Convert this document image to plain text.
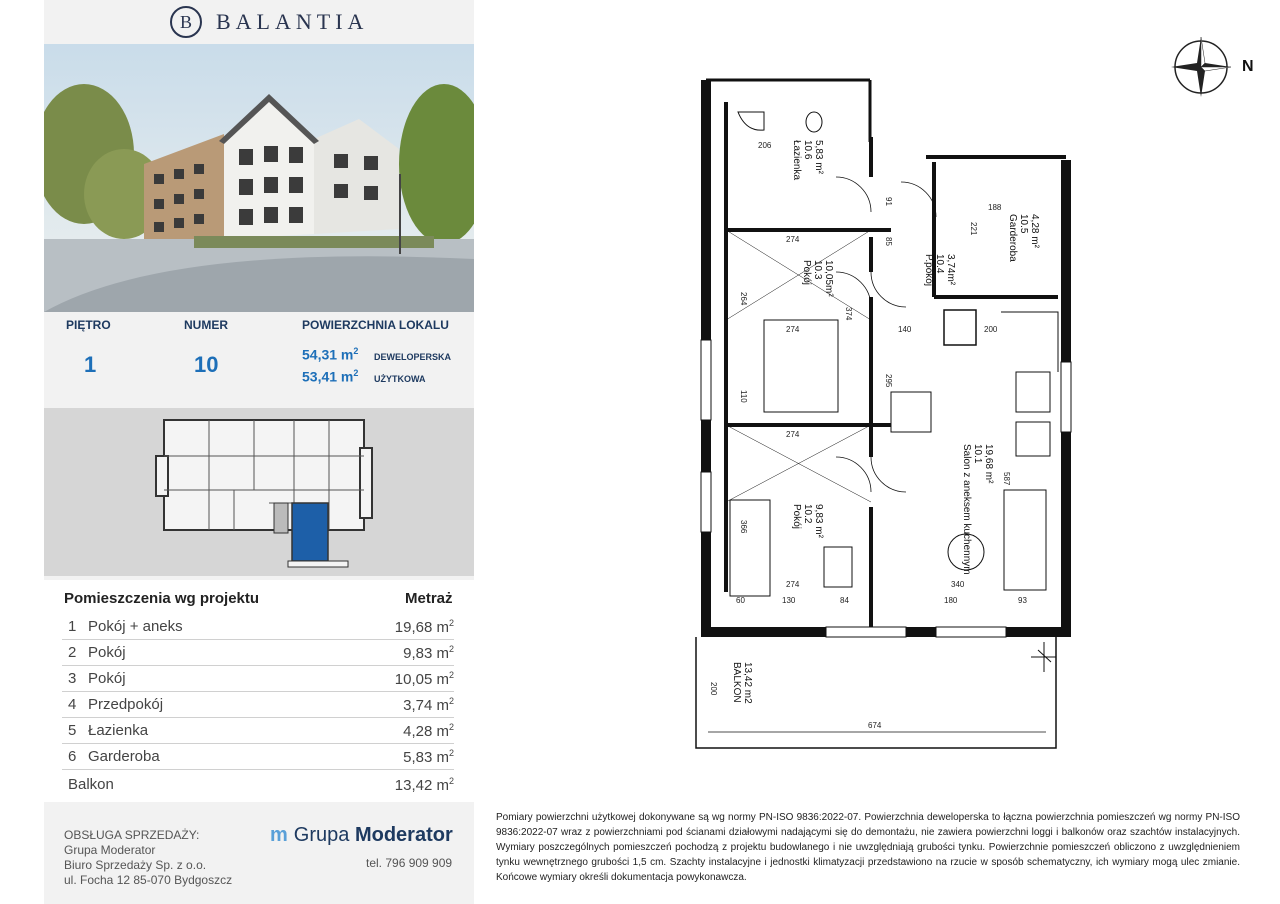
B	BALANTIA
PIĘTRO	NUMER	POWIERZCHNIA LOKALU
1	10	54,31 $m^2$
DEWELOPERSKA
53,41 $m^2$
UŻYTKOWA
Pomieszczenia wg projektu	Metraż
1 Pokój + aneks	19,68 $m^2$
2 Pokój	9,83 $m^2$
3 Pokój	10,05 $m^2$
4 Przedpokój	3,74 $m^2$
5 Łazienka	4,28 $m^2$
6 Garderoba	5,83 $m^2$
Balkon	13,42 $m^2$
OBSŁUGA SPRZEDAŻY:
Grupa Moderator
Biuro Sprzedaży Sp. z o.o.
ul. Focha 12 85-070 Bydgoszcz
m Grupa Moderator
tel. 796 909 909
N
Łazienka 10.6 5,83 m²
Garderoba 10.5 4,28 m²
Pokój 10.3 10,05m²	P.pokój 10.4 3,74m²
Salon z aneksem kuchennym 10.1 19,68 m²
Pokój 10.2 9,83 m²
BALKON 13,42 m2
274
274
274
274
140	200
188
340
180	93
60	130	84
674
206
587
366
264
374
91
85
295
110
221
200
Pomiary powierzchni użytkowej dokonywane są wg normy PN-ISO 9836:2022-07. Powierzchnia deweloperska to łączna powierzchnia pomieszczeń wg normy PN-ISO 9836:2022-07 wraz z powierzchniami pod ścianami działowymi nadającymi się do demontażu, nie zawiera powierzchni loggi i balkonów oraz szachtów instalacyjnych. Wymiary poszczególnych pomieszczeń pochodzą z projektu budowlanego i nie uwzględniają grubości tynku. Powierzchnie pomieszczeń obliczono z uwzględnieniem tynku wewnętrznego grubości 1,5 cm. Szachty instalacyjne i jednostki klimatyzacji przedstawiono na rzucie w sposób schematyczny, ich wymiary mogą ulec zmianie. Końcowe wymiary określi dokumentacja powykonawcza.
